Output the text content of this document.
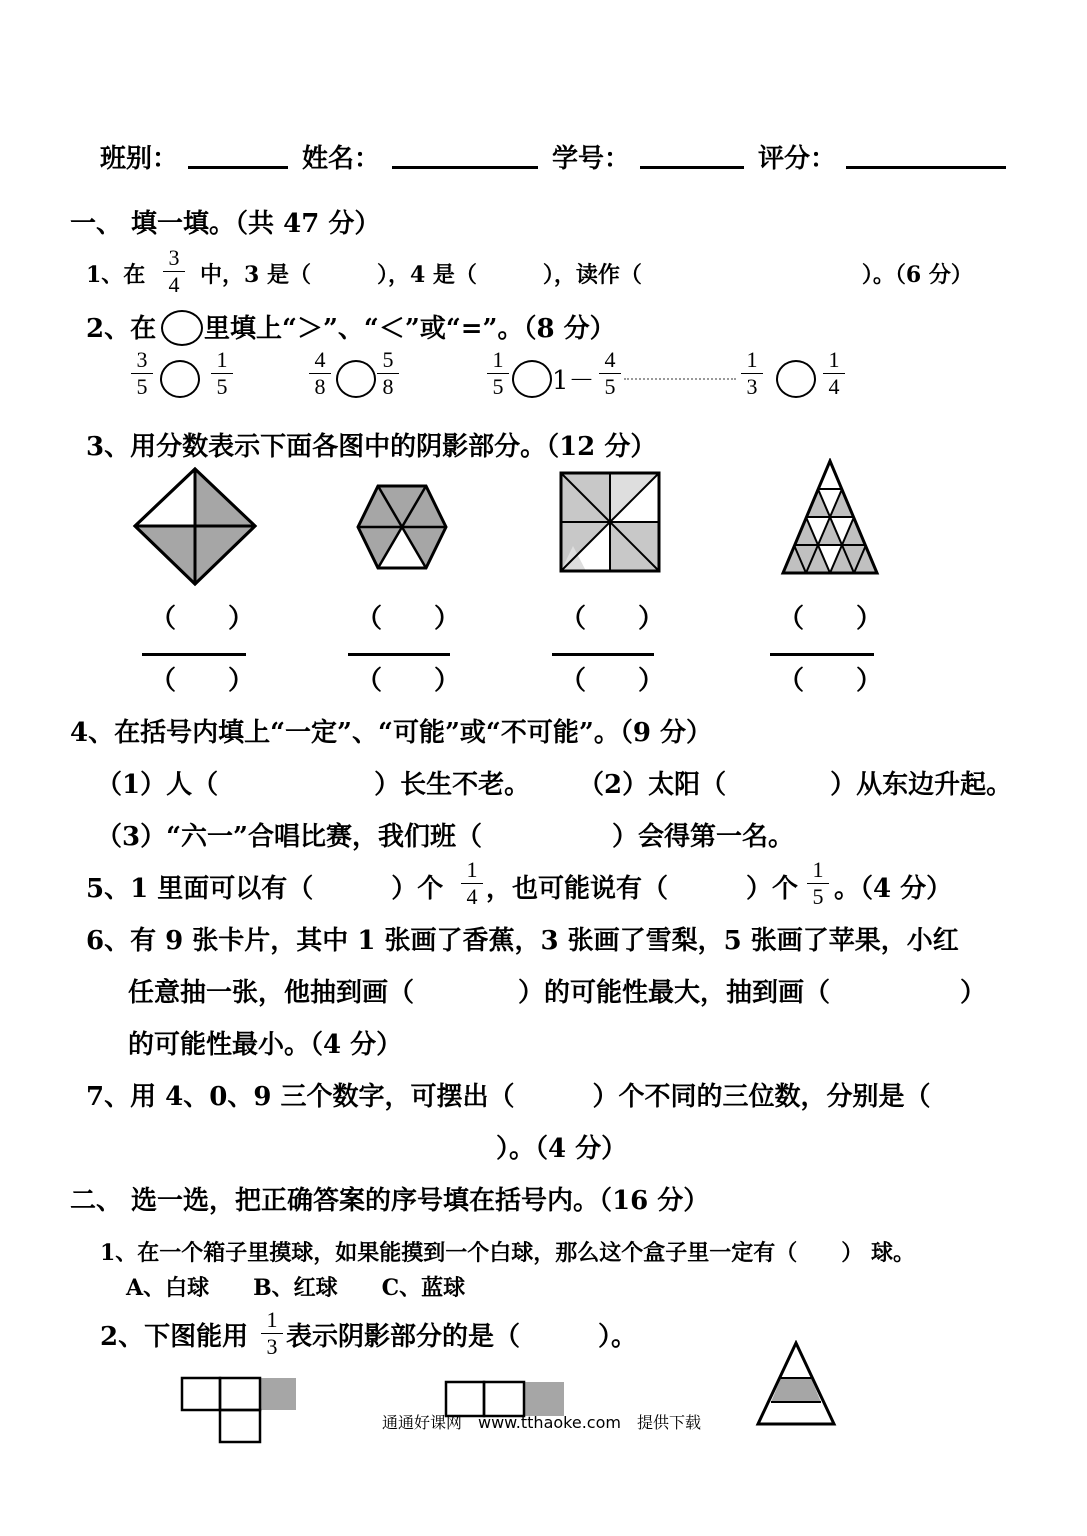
班别：	姓名：	学号：	评分：
一、 填一填。（共 47 分）
1、在
3
4 中，3 是（　　　），4 是（　　　），读作（　　　　　　　　　　）。（6 分）
2、在 里填上“＞”、“＜”或“=”。（8 分）
3
5
1
5
4
8
5
8
1
5 1－
4
5
1
3
1
4
3、用分数表示下面各图中的阴影部分。（12 分）
（　　）
（　　）
（　　）
（　　）
（　　）
（　　）
（　　）
（　　）
4、在括号内填上“一定”、“可能”或“不可能”。（9 分）
（1）人（　　　　　　）长生不老。 （2）太阳（　　　　）从东边升起。
（3）“六一”合唱比赛，我们班（　　　　　）会得第一名。
5、1 里面可以有（　　　）个
1
4 ，也可能说有（　　　）个
1
5 。（4 分）
6、有 9 张卡片，其中 1 张画了香蕉，3 张画了雪梨，5 张画了苹果，小红
任意抽一张，他抽到画（　　　　）的可能性最大，抽到画（　　　　　）
的可能性最小。（4 分）
7、用 4、0、9 三个数字，可摆出（　　　）个不同的三位数，分别是（
）。（4 分）
二、 选一选，把正确答案的序号填在括号内。（16 分）
1、在一个箱子里摸球，如果能摸到一个白球，那么这个盒子里一定有（　　） 球。
A、白球　　B、红球　　C、蓝球
2、下图能用
1
3 表示阴影部分的是（　　　）。
通通好课网　www.tthaoke.com　提供下载
